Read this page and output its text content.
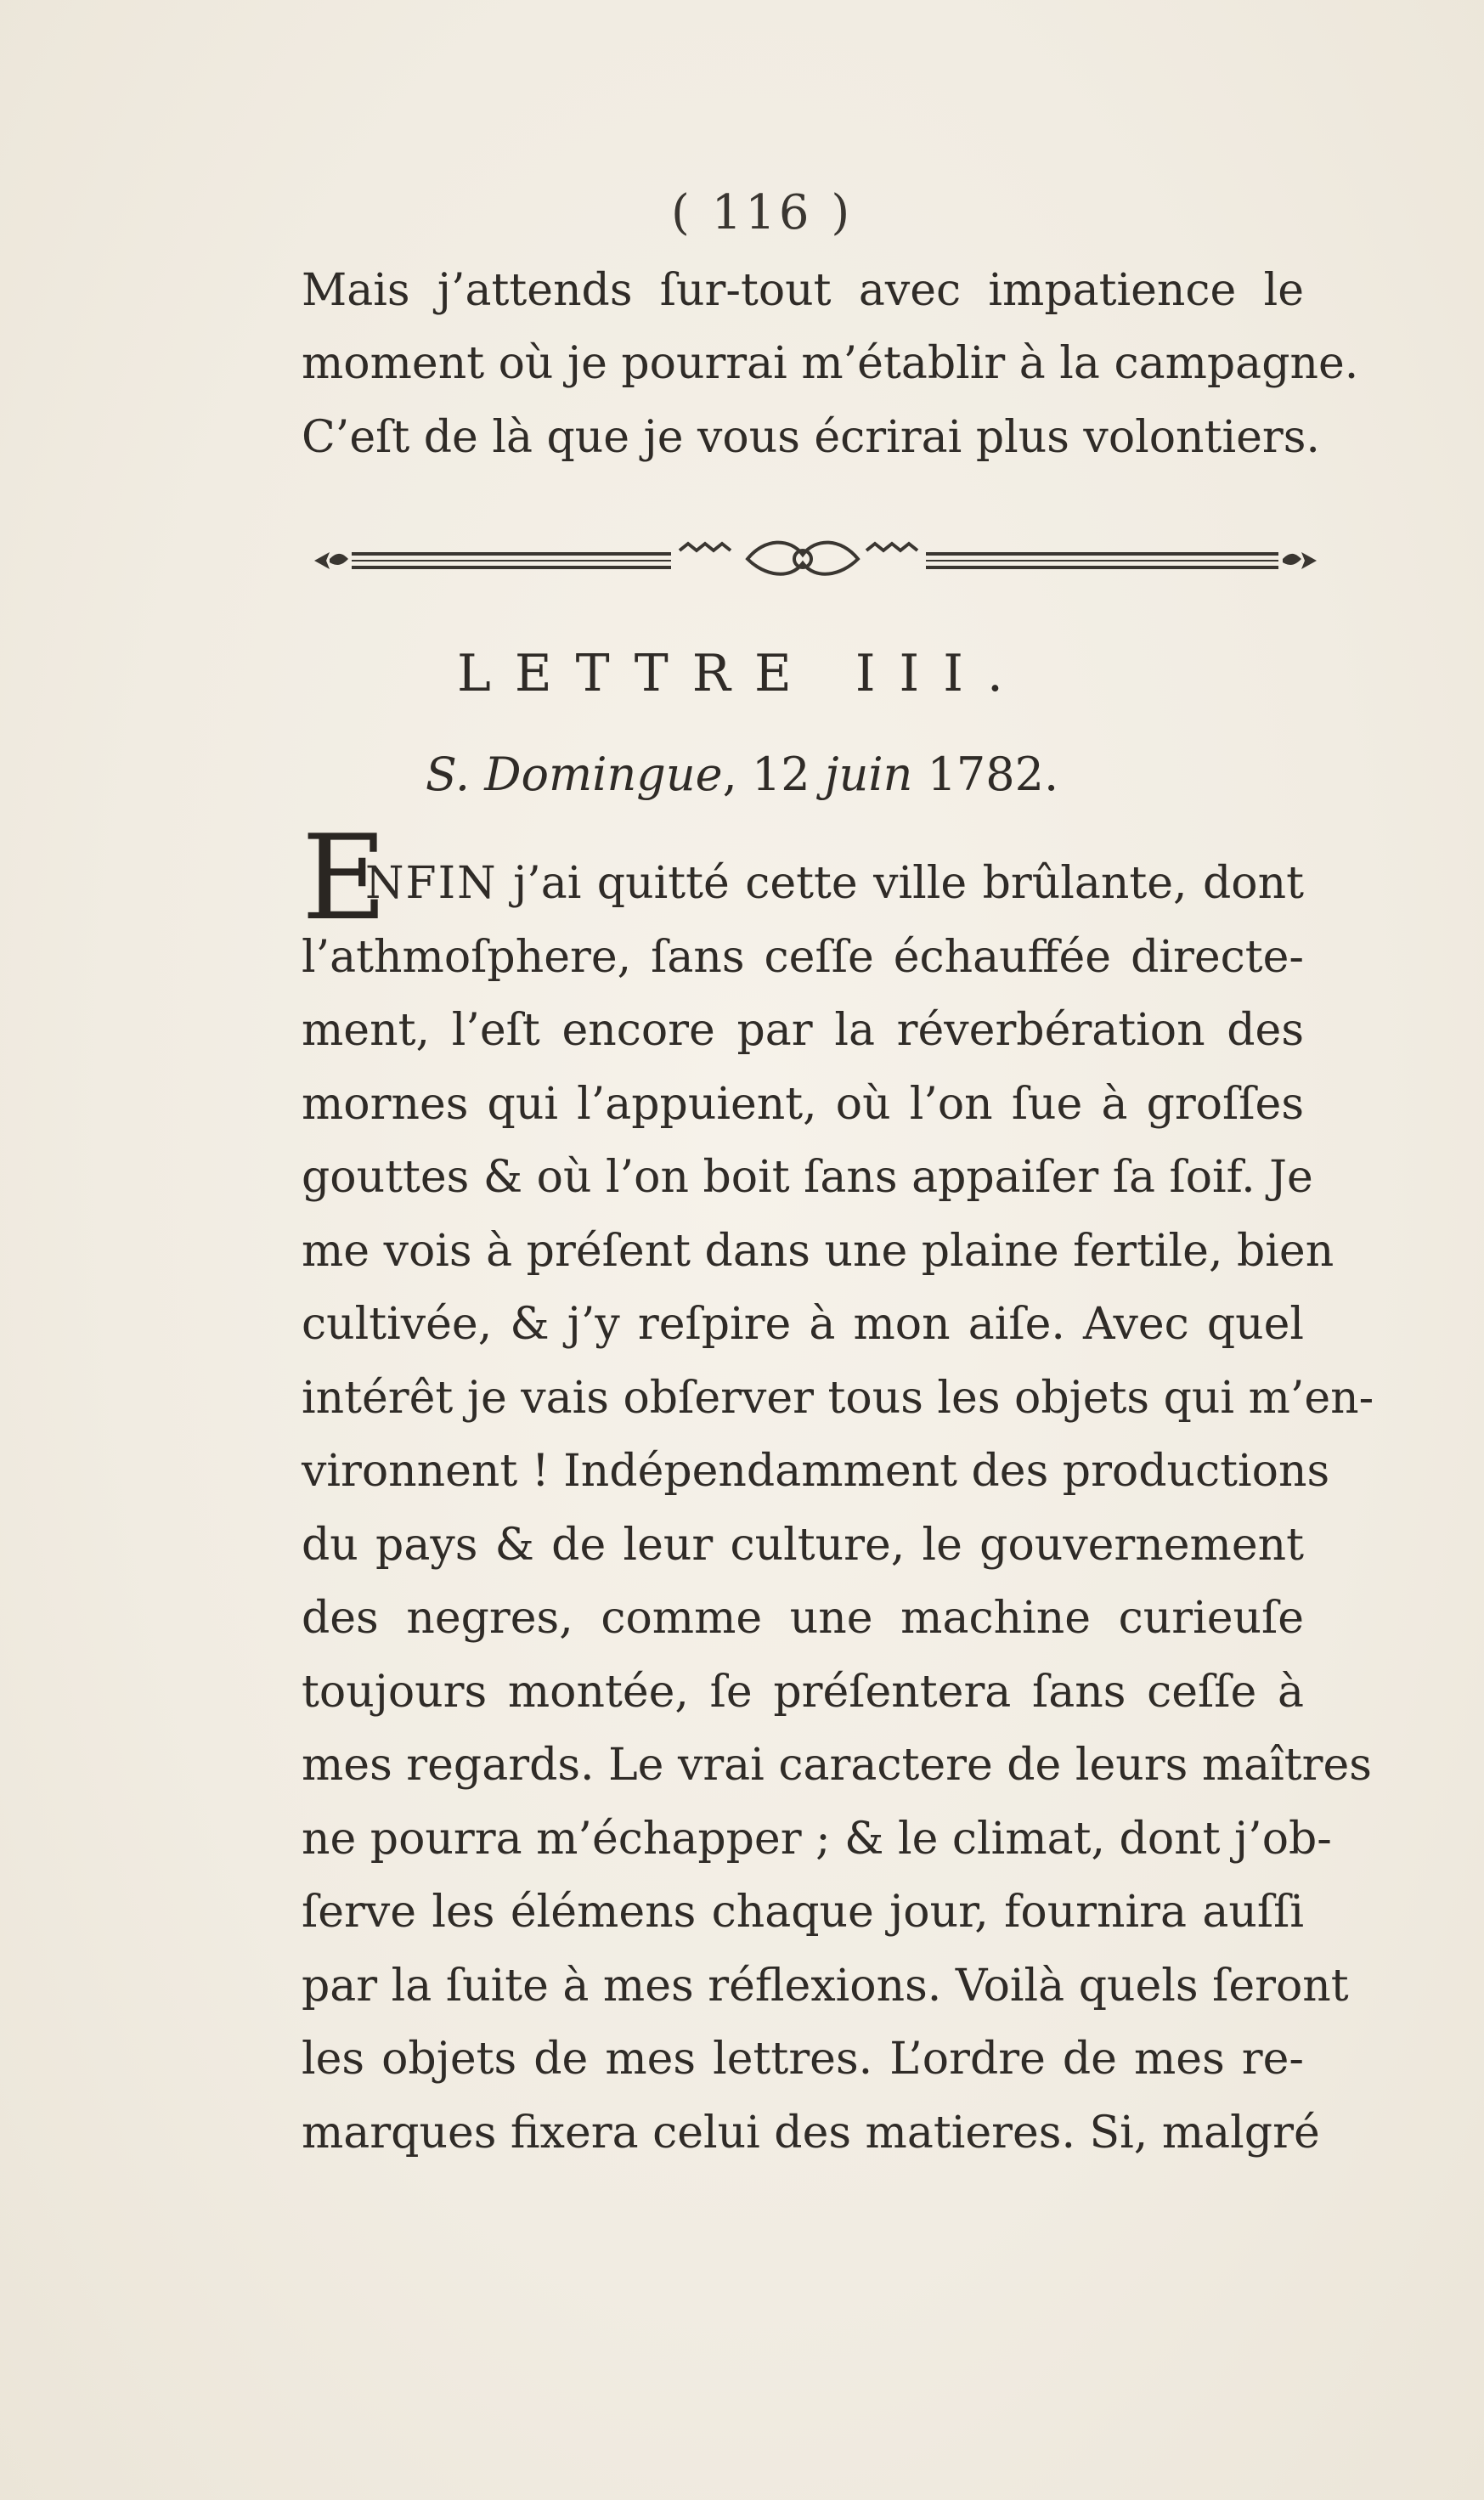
( 116 )
Mais j’attends ſur-tout avec impatience le
moment où je pourrai m’établir à la campagne.
C’eſt de là que je vous écrirai plus volontiers.
LETTRE III.
S. Domingue, 12 juin 1782.
E
NFIN j’ai quitté cette ville brûlante, dont
l’athmoſphere, ſans ceſſe échauffée directe-
ment, l’eſt encore par la réverbération des
mornes qui l’appuient, où l’on ſue à groſſes
gouttes & où l’on boit ſans appaiſer ſa ſoif. Je
me vois à préſent dans une plaine fertile, bien
cultivée, & j’y reſpire à mon aiſe. Avec quel
intérêt je vais obſerver tous les objets qui m’en-
vironnent ! Indépendamment des productions
du pays & de leur culture, le gouvernement
des negres, comme une machine curieuſe
toujours montée, ſe préſentera ſans ceſſe à
mes regards. Le vrai caractere de leurs maîtres
ne pourra m’échapper ; & le climat, dont j’ob-
ſerve les élémens chaque jour, fournira auſſi
par la ſuite à mes réflexions. Voilà quels ſeront
les objets de mes lettres. L’ordre de mes re-
marques fixera celui des matieres. Si, malgré
